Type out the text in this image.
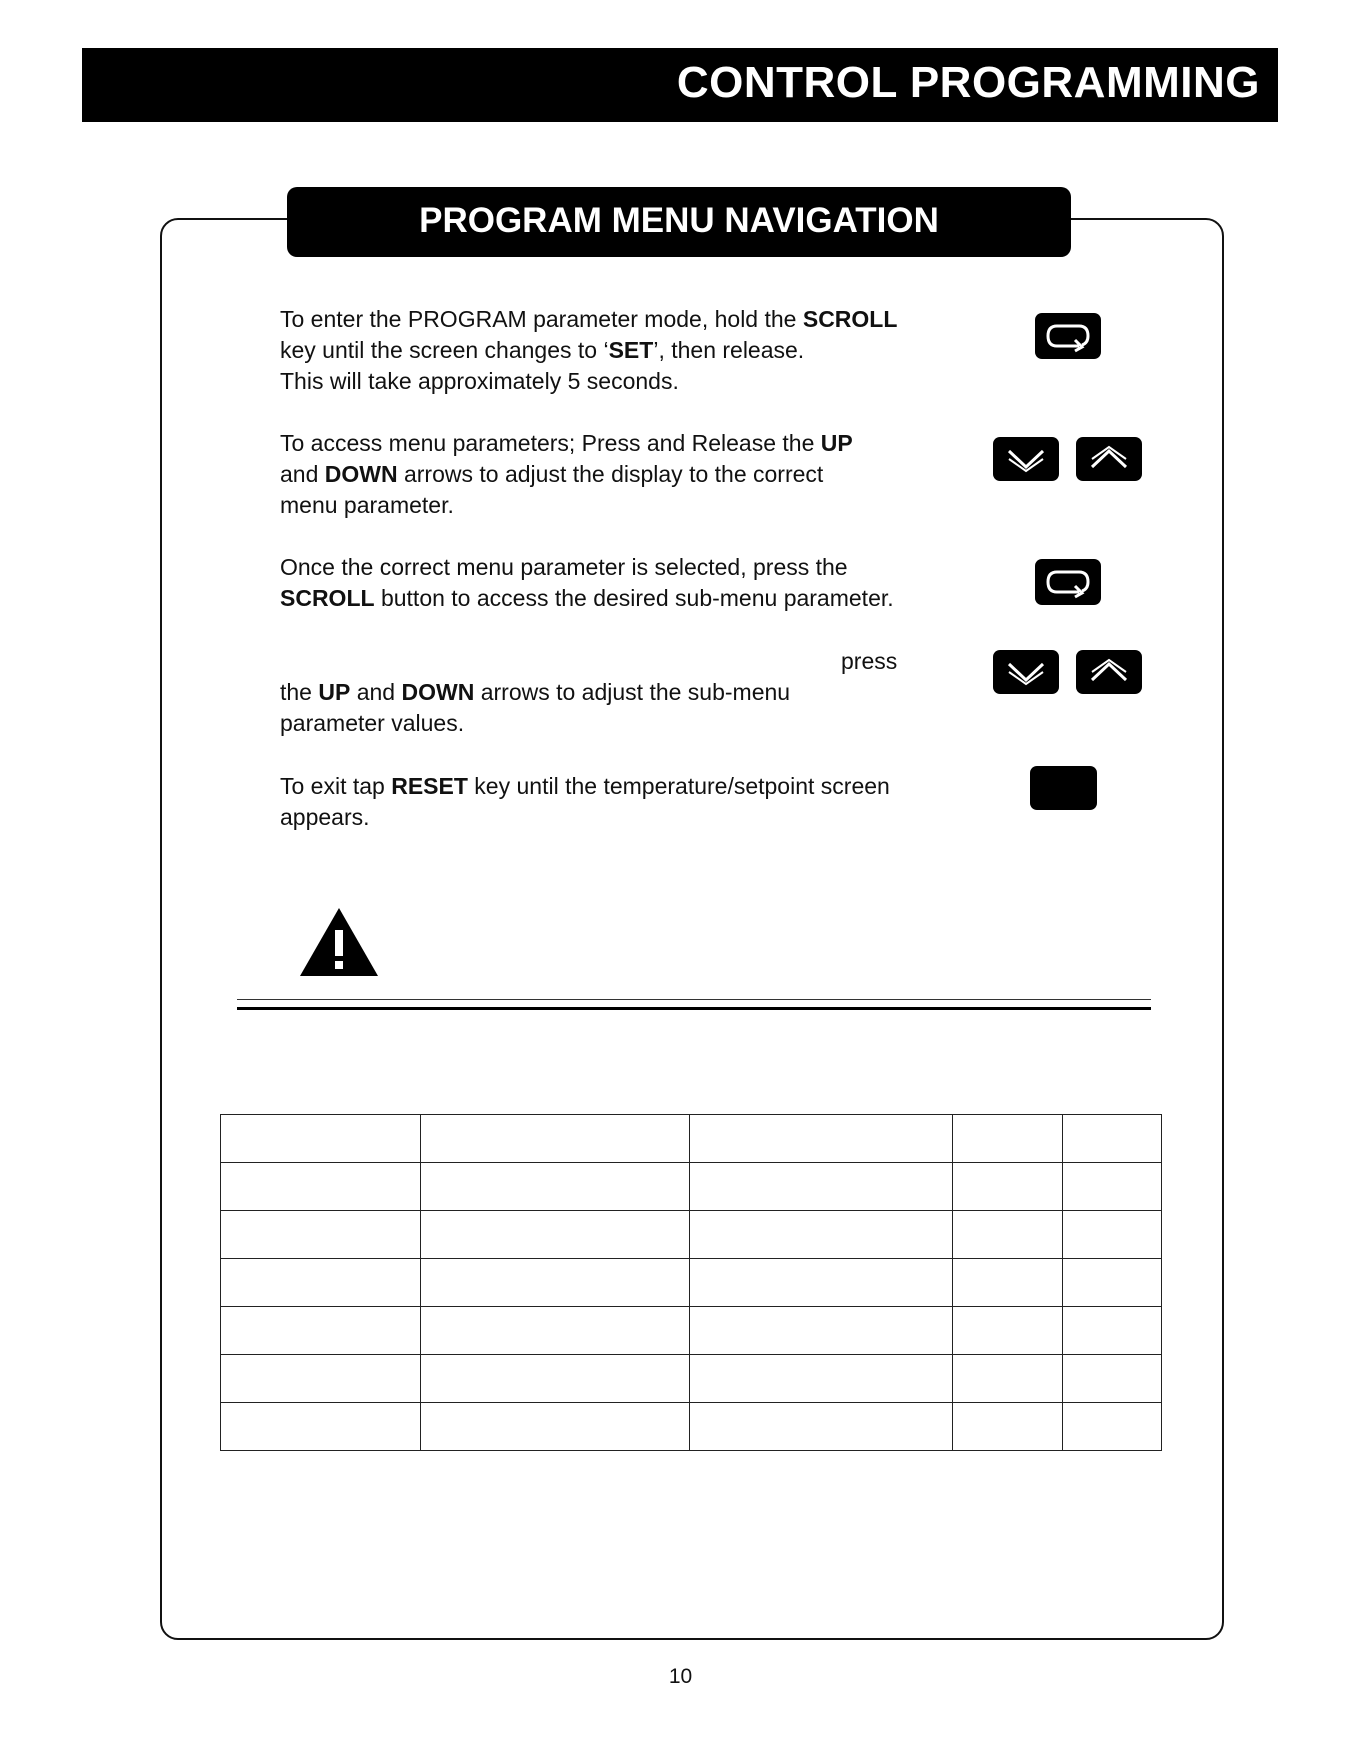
CONTROL PROGRAMMING
PROGRAM MENU NAVIGATION
To enter the PROGRAM parameter mode, hold the SCROLL
key until the screen changes to ‘SET’, then release.
This will take approximately 5 seconds.
To access menu parameters; Press and Release the UP
and DOWN arrows to adjust the display to the correct
menu parameter.
Once the correct menu parameter is selected, press the
SCROLL button to access the desired sub-menu parameter.
press
the UP and DOWN arrows to adjust the sub-menu
parameter values.
To exit tap RESET key until the temperature/setpoint screen
appears.

10
